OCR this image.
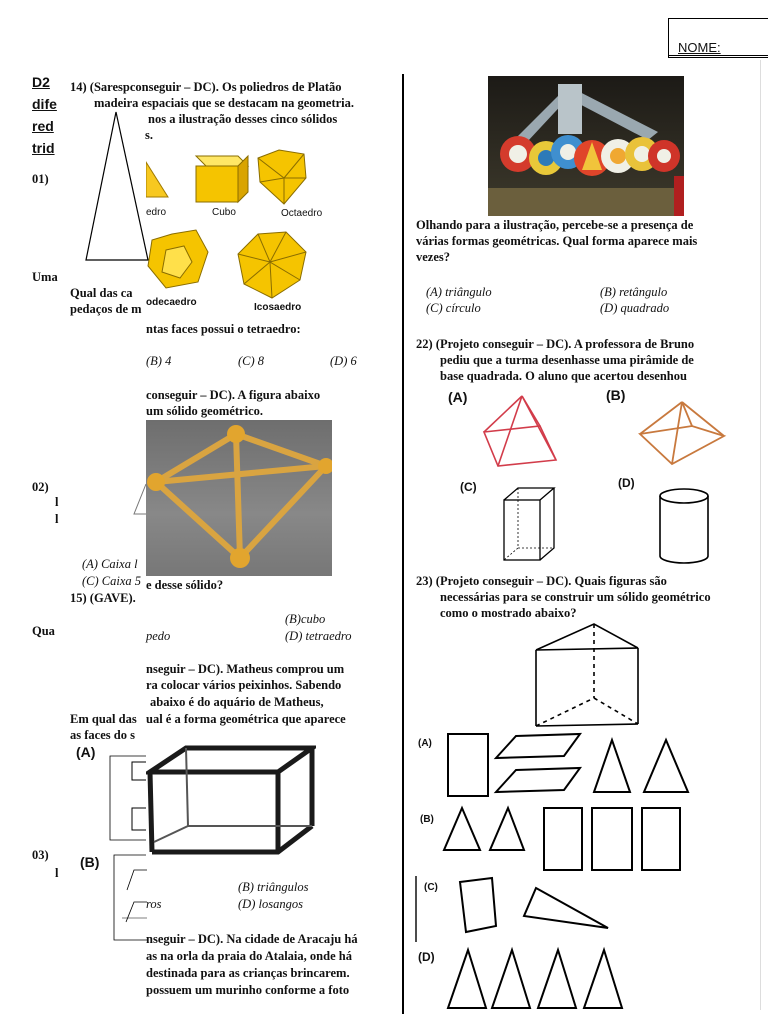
NOME:
D2
dife
red
trid
01)
Uma
02)
l
l
(A) Caixa l
(C) Caixa 5
15) (GAVE).
Qua
Em qual das
as faces do s
(A)
03)
l
(B)
14) (Sarespconseguir – DC). Os poliedros de Platão
madeira espaciais que se destacam na geometria.
nos a ilustração desses cinco sólidos
s.
edro	Cubo	Octaedro
odecaedro	Icosaedro
Qual das ca
pedaços de m
ntas faces possui o tetraedro:
(B) 4	(C) 8	(D) 6
conseguir – DC). A figura abaixo
um sólido geométrico.
e desse sólido?
(B)cubo
pedo	(D) tetraedro
nseguir – DC). Matheus comprou um
ra colocar vários peixinhos. Sabendo
abaixo é do aquário de Matheus,
ual é a forma geométrica que aparece
(B) triângulos
ros	(D) losangos
nseguir – DC). Na cidade de Aracaju há
as na orla da praia do Atalaia, onde há
destinada para as crianças brincarem.
possuem um murinho conforme a foto
Olhando para a ilustração, percebe-se a presença de
várias formas geométricas. Qual forma aparece mais
vezes?
(A) triângulo	(B) retângulo
(C) círculo	(D) quadrado
22) (Projeto conseguir – DC). A professora de Bruno
pediu que a turma desenhasse uma pirâmide de
base quadrada. O aluno que acertou desenhou
(A)	(B)
(C)	(D)
23) (Projeto conseguir – DC). Quais figuras são
necessárias para se construir um sólido geométrico
como o mostrado abaixo?
(A)
(B)
(C)
(D)
